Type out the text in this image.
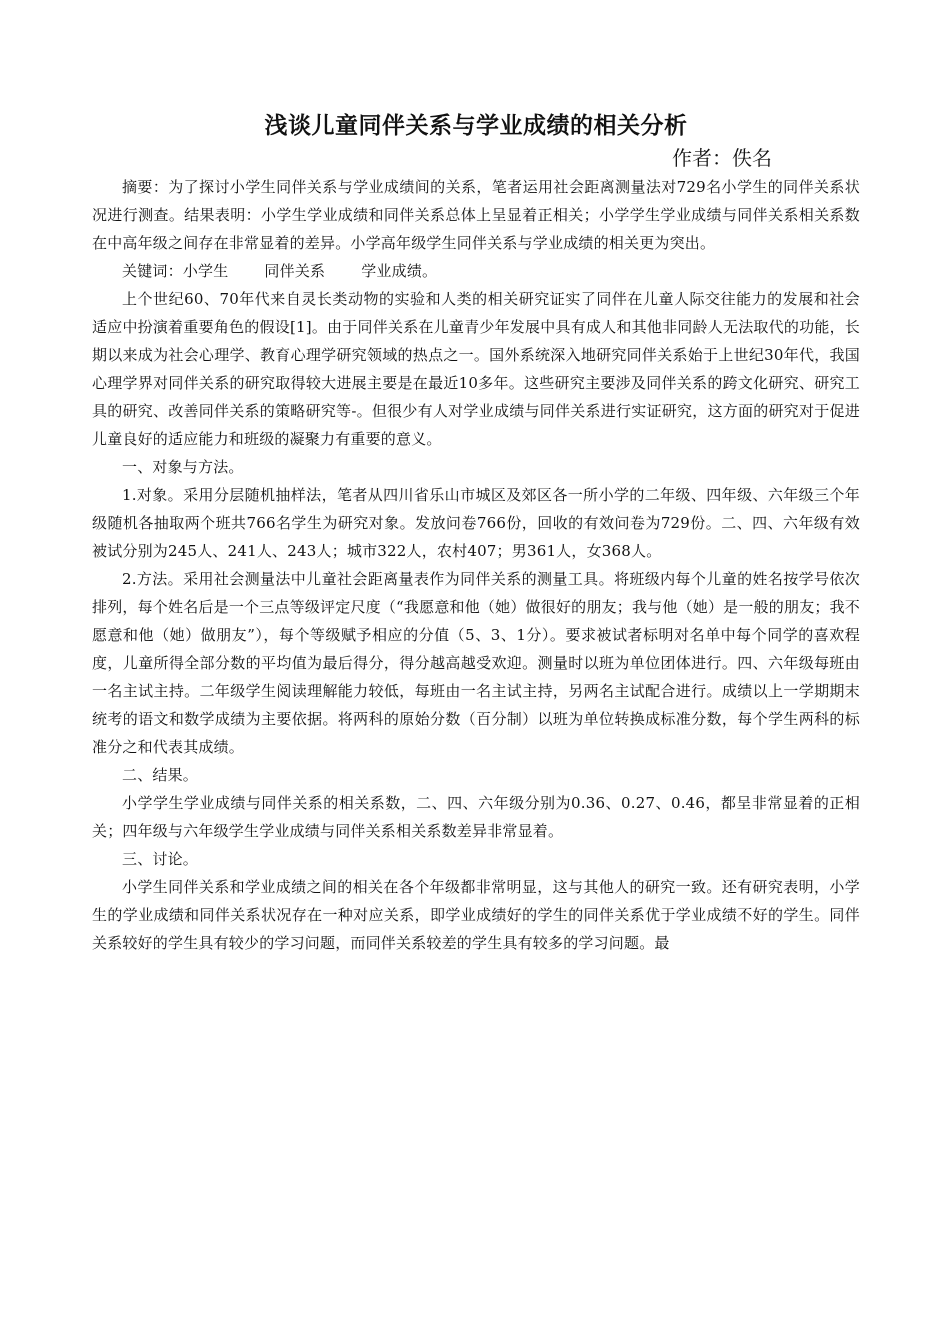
浅谈儿童同伴关系与学业成绩的相关分析

作者：佚名

摘要：为了探讨小学生同伴关系与学业成绩间的关系，笔者运用社会距离测量法对729名小学生的同伴关系状况进行测查。结果表明：小学生学业成绩和同伴关系总体上呈显着正相关；小学学生学业成绩与同伴关系相关系数在中高年级之间存在非常显着的差异。小学高年级学生同伴关系与学业成绩的相关更为突出。

关键词：小学生 同伴关系 学业成绩。

上个世纪60、70年代来自灵长类动物的实验和人类的相关研究证实了同伴在儿童人际交往能力的发展和社会适应中扮演着重要角色的假设[1]。由于同伴关系在儿童青少年发展中具有成人和其他非同龄人无法取代的功能，长期以来成为社会心理学、教育心理学研究领域的热点之一。国外系统深入地研究同伴关系始于上世纪30年代，我国心理学界对同伴关系的研究取得较大进展主要是在最近10多年。这些研究主要涉及同伴关系的跨文化研究、研究工具的研究、改善同伴关系的策略研究等-。但很少有人对学业成绩与同伴关系进行实证研究，这方面的研究对于促进儿童良好的适应能力和班级的凝聚力有重要的意义。

一、对象与方法。

1.对象。采用分层随机抽样法，笔者从四川省乐山市城区及郊区各一所小学的二年级、四年级、六年级三个年级随机各抽取两个班共766名学生为研究对象。发放问卷766份，回收的有效问卷为729份。二、四、六年级有效被试分别为245人、241人、243人；城市322人，农村407；男361人，女368人。

2.方法。采用社会测量法中儿童社会距离量表作为同伴关系的测量工具。将班级内每个儿童的姓名按学号依次排列，每个姓名后是一个三点等级评定尺度（“我愿意和他（她）做很好的朋友；我与他（她）是一般的朋友；我不愿意和他（她）做朋友”），每个等级赋予相应的分值（5、3、1分）。要求被试者标明对名单中每个同学的喜欢程度，儿童所得全部分数的平均值为最后得分，得分越高越受欢迎。测量时以班为单位团体进行。四、六年级每班由一名主试主持。二年级学生阅读理解能力较低，每班由一名主试主持，另两名主试配合进行。成绩以上一学期期末统考的语文和数学成绩为主要依据。将两科的原始分数（百分制）以班为单位转换成标准分数，每个学生两科的标准分之和代表其成绩。

二、结果。

小学学生学业成绩与同伴关系的相关系数，二、四、六年级分别为0.36、0.27、0.46，都呈非常显着的正相关；四年级与六年级学生学业成绩与同伴关系相关系数差异非常显着。

三、讨论。

小学生同伴关系和学业成绩之间的相关在各个年级都非常明显，这与其他人的研究一致。还有研究表明，小学生的学业成绩和同伴关系状况存在一种对应关系，即学业成绩好的学生的同伴关系优于学业成绩不好的学生。同伴关系较好的学生具有较少的学习问题，而同伴关系较差的学生具有较多的学习问题。最
